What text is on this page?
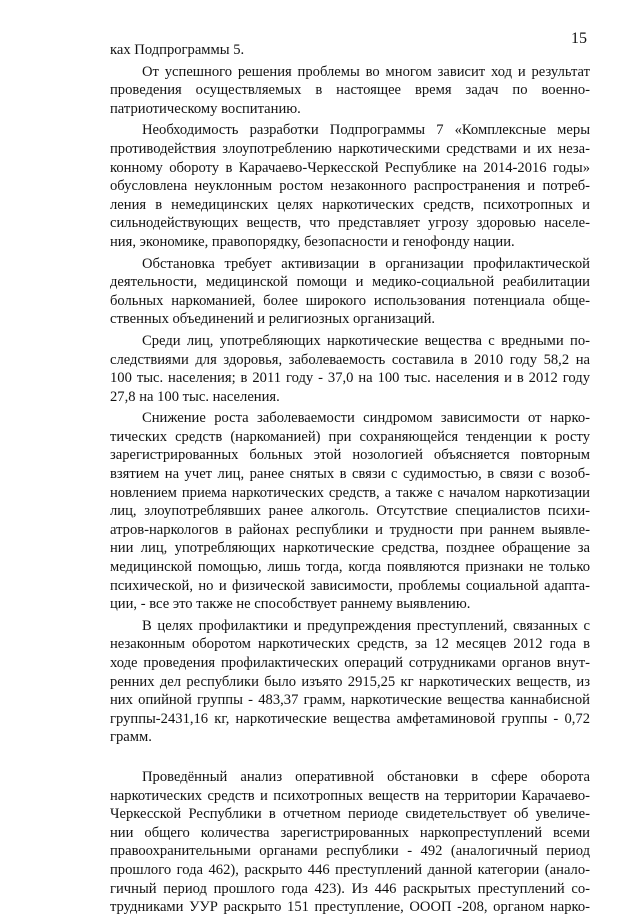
15
ках Подпрограммы 5.
От успешного решения проблемы во многом зависит ход и результат
проведения осуществляемых в настоящее время задач по военно-
патриотическому воспитанию.
Необходимость разработки Подпрограммы 7 «Комплексные меры
противодействия злоупотреблению наркотическими средствами и их неза-
конному обороту в Карачаево-Черкесской Республике на 2014-2016 годы»
обусловлена неуклонным ростом незаконного распространения и потреб-
ления в немедицинских целях наркотических средств, психотропных и
сильнодействующих веществ, что представляет угрозу здоровью населе-
ния, экономике, правопорядку, безопасности и генофонду нации.
Обстановка требует активизации в организации профилактической
деятельности, медицинской помощи и медико-социальной реабилитации
больных наркоманией, более широкого использования потенциала обще-
ственных объединений и религиозных организаций.
Среди лиц, употребляющих наркотические вещества с вредными по-
следствиями для здоровья, заболеваемость составила в 2010 году 58,2 на
100 тыс. населения; в 2011 году - 37,0 на 100 тыс. населения и в 2012 году
27,8 на 100 тыс. населения.
Снижение роста заболеваемости синдромом зависимости от нарко-
тических средств (наркоманией) при сохраняющейся тенденции к росту
зарегистрированных больных этой нозологией объясняется повторным
взятием на учет лиц, ранее снятых в связи с судимостью, в связи с возоб-
новлением приема наркотических средств, а также с началом наркотизации
лиц, злоупотреблявших ранее алкоголь. Отсутствие специалистов психи-
атров-наркологов в районах республики и трудности при раннем выявле-
нии лиц, употребляющих наркотические средства, позднее обращение за
медицинской помощью, лишь тогда, когда появляются признаки не только
психической, но и физической зависимости, проблемы социальной адапта-
ции, - все это также не способствует раннему выявлению.
В целях профилактики и предупреждения преступлений, связанных с
незаконным оборотом наркотических средств, за 12 месяцев 2012 года в
ходе проведения профилактических операций сотрудниками органов внут-
ренних дел республики было изъято 2915,25 кг наркотических веществ, из
них опийной группы - 483,37 грамм, наркотические вещества каннабисной
группы-2431,16 кг, наркотические вещества амфетаминовой группы - 0,72
грамм.
Проведённый анализ оперативной обстановки в сфере оборота
наркотических средств и психотропных веществ на территории Карачаево-
Черкесской Республики в отчетном периоде свидетельствует об увеличе-
нии общего количества зарегистрированных наркопреступлений всеми
правоохранительными органами республики - 492 (аналогичный период
прошлого года 462), раскрыто 446 преступлений данной категории (анало-
гичный период прошлого года 423). Из 446 раскрытых преступлений со-
трудниками УУР раскрыто 151 преступление, ОООП -208, органом нарко-
